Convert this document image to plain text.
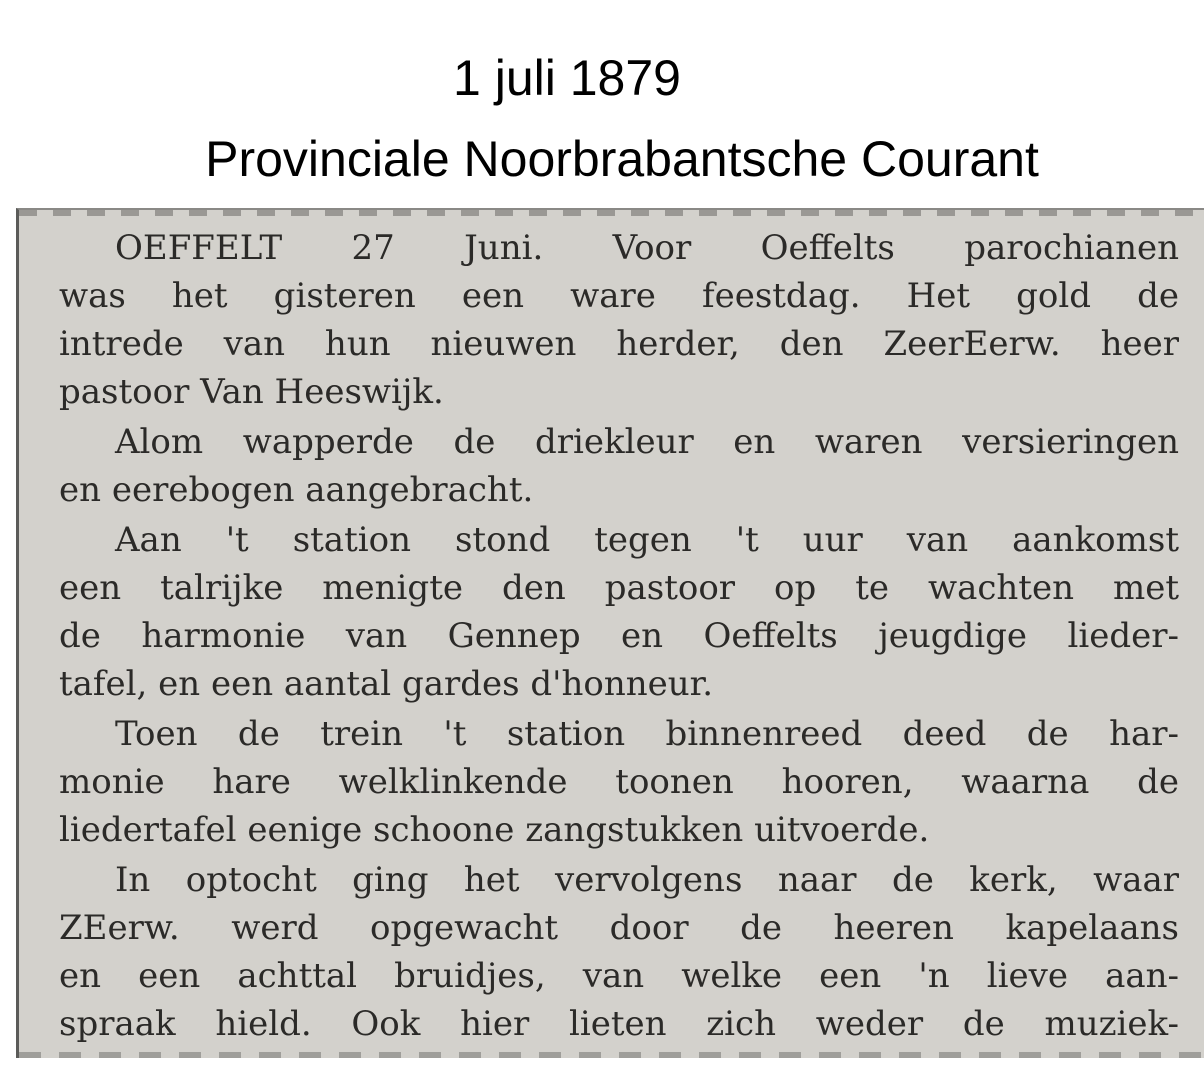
1 juli 1879
Provinciale Noorbrabantsche Courant
OEFFELT 27 Juni. Voor Oeffelts parochianen
was het gisteren een ware feestdag. Het gold de
intrede van hun nieuwen herder, den ZeerEerw. heer
pastoor Van Heeswijk.
Alom wapperde de driekleur en waren versieringen
en eerebogen aangebracht.
Aan 't station stond tegen 't uur van aankomst
een talrijke menigte den pastoor op te wachten met
de harmonie van Gennep en Oeffelts jeugdige lieder-
tafel, en een aantal gardes d'honneur.
Toen de trein 't station binnenreed deed de har-
monie hare welklinkende toonen hooren, waarna de
liedertafel eenige schoone zangstukken uitvoerde.
In optocht ging het vervolgens naar de kerk, waar
ZEerw. werd opgewacht door de heeren kapelaans
en een achttal bruidjes, van welke een 'n lieve aan-
spraak hield. Ook hier lieten zich weder de muziek-
